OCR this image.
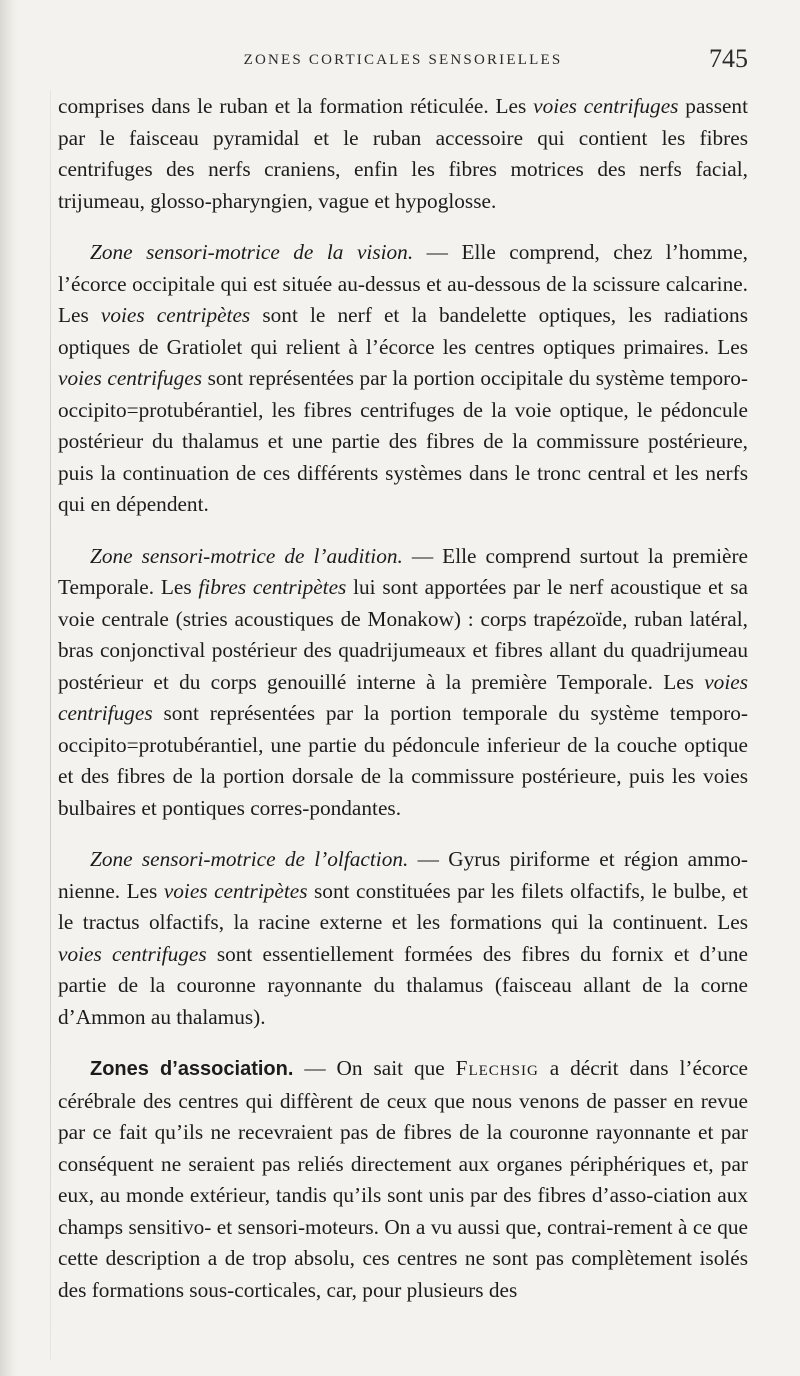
ZONES CORTICALES SENSORIELLES	745

comprises dans le ruban et la formation réticulée. Les voies centrifuges passent par le faisceau pyramidal et le ruban accessoire qui contient les fibres centrifuges des nerfs craniens, enfin les fibres motrices des nerfs facial, trijumeau, glosso-pharyngien, vague et hypoglosse.

Zone sensori-motrice de la vision. — Elle comprend, chez l’homme, l’écorce occipitale qui est située au-dessus et au-dessous de la scissure calcarine. Les voies centripètes sont le nerf et la bandelette optiques, les radiations optiques de Gratiolet qui relient à l’écorce les centres optiques primaires. Les voies centrifuges sont représentées par la portion occipitale du système temporo-occipito=protubérantiel, les fibres centrifuges de la voie optique, le pédoncule postérieur du thalamus et une partie des fibres de la commissure postérieure, puis la continuation de ces différents systèmes dans le tronc central et les nerfs qui en dépendent.

Zone sensori-motrice de l’audition. — Elle comprend surtout la première Temporale. Les fibres centripètes lui sont apportées par le nerf acoustique et sa voie centrale (stries acoustiques de Monakow) : corps trapézoïde, ruban latéral, bras conjonctival postérieur des quadrijumeaux et fibres allant du quadrijumeau postérieur et du corps genouillé interne à la première Temporale. Les voies centrifuges sont représentées par la portion temporale du système temporo-occipito=protubérantiel, une partie du pédoncule inferieur de la couche optique et des fibres de la portion dorsale de la commissure postérieure, puis les voies bulbaires et pontiques corres-pondantes.

Zone sensori-motrice de l’olfaction. — Gyrus piriforme et région ammo-nienne. Les voies centripètes sont constituées par les filets olfactifs, le bulbe, et le tractus olfactifs, la racine externe et les formations qui la continuent. Les voies centrifuges sont essentiellement formées des fibres du fornix et d’une partie de la couronne rayonnante du thalamus (faisceau allant de la corne d’Ammon au thalamus).

Zones d’association. — On sait que Flechsig a décrit dans l’écorce cérébrale des centres qui diffèrent de ceux que nous venons de passer en revue par ce fait qu’ils ne recevraient pas de fibres de la couronne rayonnante et par conséquent ne seraient pas reliés directement aux organes périphériques et, par eux, au monde extérieur, tandis qu’ils sont unis par des fibres d’asso-ciation aux champs sensitivo- et sensori-moteurs. On a vu aussi que, contrai-rement à ce que cette description a de trop absolu, ces centres ne sont pas complètement isolés des formations sous-corticales, car, pour plusieurs des
